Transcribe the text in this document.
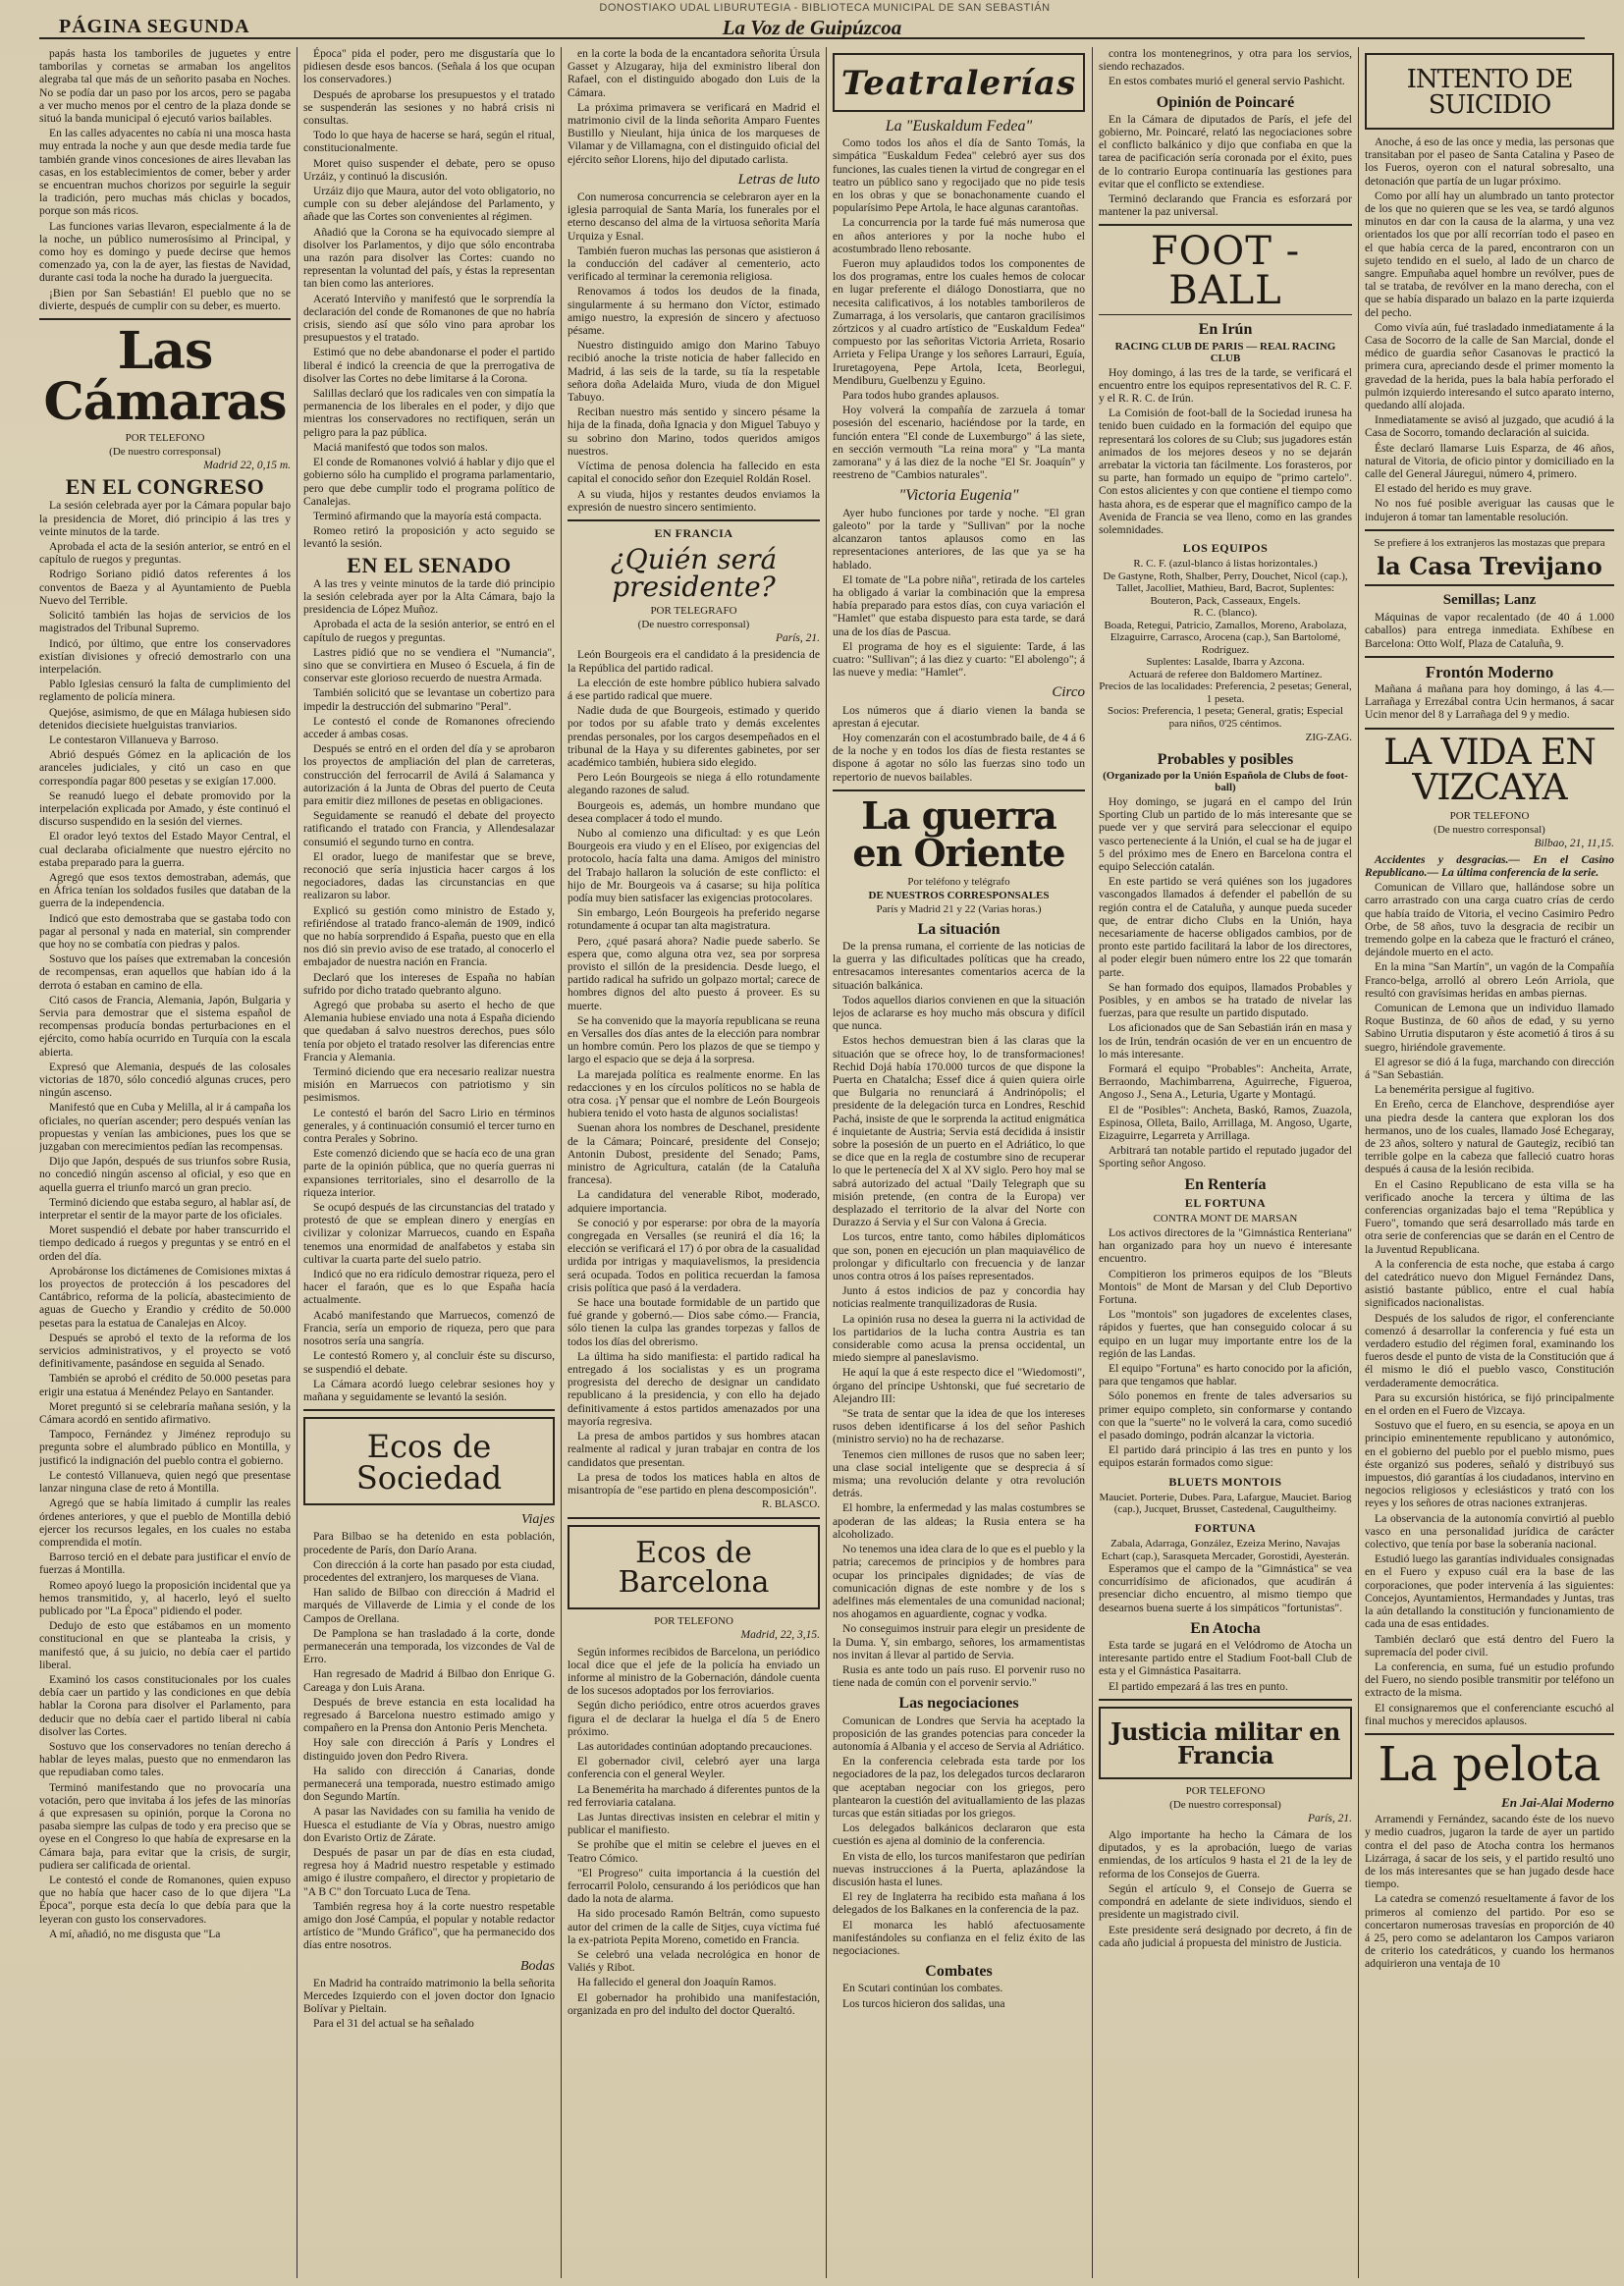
DONOSTIAKO UDAL LIBURUTEGIA - BIBLIOTECA MUNICIPAL DE SAN SEBASTIÁN
PÁGINA SEGUNDA	La Voz de Guipúzcoa

papás hasta los tamboriles de juguetes y entre tamborilas y cornetas se armaban los angelitos alegraba tal que más de un señorito pasaba en Noches. No se podía dar un paso por los arcos, pero se pagaba a ver mucho menos por el centro de la plaza donde se situó la banda municipal ó ejecutó varios bailables.

En las calles adyacentes no cabía ni una mosca hasta muy entrada la noche y aun que desde media tarde fue también grande vinos concesiones de aires llevaban las casas, en los establecimientos de comer, beber y arder se encuentran muchos chorizos por seguirle la seguir la tradición, pero muchas más chiclas y bocados, porque son más ricos.

Las funciones varias llevaron, especialmente á la de la noche, un público numerosísimo al Principal, y como hoy es domingo y puede decirse que hemos comenzado ya, con la de ayer, las fiestas de Navidad, durante casi toda la noche ha durado la juerguecita.

¡Bien por San Sebastián! El pueblo que no se divierte, después de cumplir con su deber, es muerto.

Las Cámaras
POR TELEFONO
(De nuestro corresponsal)
Madrid 22, 0,15 m.
EN EL CONGRESO

La sesión celebrada ayer por la Cámara popular bajo la presidencia de Moret, dió principio á las tres y veinte minutos de la tarde.

Aprobada el acta de la sesión anterior, se entró en el capítulo de ruegos y preguntas.

Rodrigo Soriano pidió datos referentes á los conventos de Baeza y al Ayuntamiento de Puebla Nuevo del Terrible.

Solicitó también las hojas de servicios de los magistrados del Tribunal Supremo.

Indicó, por último, que entre los conservadores existían divisiones y ofreció demostrarlo con una interpelación.

Pablo Iglesias censuró la falta de cumplimiento del reglamento de policía minera.

Quejóse, asimismo, de que en Málaga hubiesen sido detenidos diecisiete huelguistas tranviarios.

Le contestaron Villanueva y Barroso.

Abrió después Gómez en la aplicación de los aranceles judiciales, y citó un caso en que correspondía pagar 800 pesetas y se exigían 17.000.

Se reanudó luego el debate promovido por la interpelación explicada por Amado, y éste continuó el discurso suspendido en la sesión del viernes.

El orador leyó textos del Estado Mayor Central, el cual declaraba oficialmente que nuestro ejército no estaba preparado para la guerra.

Agregó que esos textos demostraban, además, que en África tenían los soldados fusiles que databan de la guerra de la independencia.

Indicó que esto demostraba que se gastaba todo con pagar al personal y nada en material, sin comprender que hoy no se combatía con piedras y palos.

Sostuvo que los países que extremaban la concesión de recompensas, eran aquellos que habían ido á la derrota ó estaban en camino de ella.

Citó casos de Francia, Alemania, Japón, Bulgaria y Servia para demostrar que el sistema español de recompensas producía bondas perturbaciones en el ejército, como había ocurrido en Turquía con la escala abierta.

Expresó que Alemania, después de las colosales victorias de 1870, sólo concedió algunas cruces, pero ningún ascenso.

Manifestó que en Cuba y Melilla, al ir á campaña los oficiales, no querían ascender; pero después venían las propuestas y venían las ambiciones, pues los que se juzgaban con merecimientos pedían las recompensas.

Dijo que Japón, después de sus triunfos sobre Rusia, no concedió ningún ascenso al oficial, y eso que en aquella guerra el triunfo marcó un gran precio.

Terminó diciendo que estaba seguro, al hablar así, de interpretar el sentir de la mayor parte de los oficiales.

Moret suspendió el debate por haber transcurrido el tiempo dedicado á ruegos y preguntas y se entró en el orden del día.

Aprobáronse los dictámenes de Comisiones mixtas á los proyectos de protección á los pescadores del Cantábrico, reforma de la policía, abastecimiento de aguas de Guecho y Erandio y crédito de 50.000 pesetas para la estatua de Canalejas en Alcoy.

Después se aprobó el texto de la reforma de los servicios administrativos, y el proyecto se votó definitivamente, pasándose en seguida al Senado.

También se aprobó el crédito de 50.000 pesetas para erigir una estatua á Menéndez Pelayo en Santander.

Moret preguntó si se celebraría mañana sesión, y la Cámara acordó en sentido afirmativo.

Tampoco, Fernández y Jiménez reprodujo su pregunta sobre el alumbrado público en Montilla, y justificó la indignación del pueblo contra el gobierno.

Le contestó Villanueva, quien negó que presentase lanzar ninguna clase de reto á Montilla.

Agregó que se había limitado á cumplir las reales órdenes anteriores, y que el pueblo de Montilla debió ejercer los recursos legales, en los cuales no estaba comprendida el motín.

Barroso terció en el debate para justificar el envío de fuerzas á Montilla.

Romeo apoyó luego la proposición incidental que ya hemos transmitido, y, al hacerlo, leyó el suelto publicado por "La Época" pidiendo el poder.

Dedujo de esto que estábamos en un momento constitucional en que se planteaba la crisis, y manifestó que, á su juicio, no debía caer el partido liberal.

Examinó los casos constitucionales por los cuales debía caer un partido y las condiciones en que debía hablar la Corona para disolver el Parlamento, para deducir que no debía caer el partido liberal ni cabía disolver las Cortes.

Sostuvo que los conservadores no tenían derecho á hablar de leyes malas, puesto que no enmendaron las que repudiaban como tales.

Terminó manifestando que no provocaría una votación, pero que invitaba á los jefes de las minorías á que expresasen su opinión, porque la Corona no pasaba siempre las culpas de todo y era preciso que se oyese en el Congreso lo que había de expresarse en la Cámara baja, para evitar que la crisis, de surgir, pudiera ser calificada de oriental.

Le contestó el conde de Romanones, quien expuso que no había que hacer caso de lo que dijera "La Época", porque esta decía lo que debía para que la leyeran con gusto los conservadores.

A mí, añadió, no me disgusta que "La

Época" pida el poder, pero me disgustaría que lo pidiesen desde esos bancos. (Señala á los que ocupan los conservadores.)

Después de aprobarse los presupuestos y el tratado se suspenderán las sesiones y no habrá crisis ni consultas.

Todo lo que haya de hacerse se hará, según el ritual, constitucionalmente.

Moret quiso suspender el debate, pero se opuso Urzáiz, y continuó la discusión.

Urzáiz dijo que Maura, autor del voto obligatorio, no cumple con su deber alejándose del Parlamento, y añade que las Cortes son convenientes al régimen.

Añadió que la Corona se ha equivocado siempre al disolver los Parlamentos, y dijo que sólo encontraba una razón para disolver las Cortes: cuando no representan la voluntad del país, y éstas la representan tan bien como las anteriores.

Acerató Interviño y manifestó que le sorprendía la declaración del conde de Romanones de que no habría crisis, siendo así que sólo vino para aprobar los presupuestos y el tratado.

Estimó que no debe abandonarse el poder el partido liberal é indicó la creencia de que la prerrogativa de disolver las Cortes no debe limitarse á la Corona.

Salillas declaró que los radicales ven con simpatía la permanencia de los liberales en el poder, y dijo que mientras los conservadores no rectifiquen, serán un peligro para la paz pública.

Maciá manifestó que todos son malos.

El conde de Romanones volvió á hablar y dijo que el gobierno sólo ha cumplido el programa parlamentario, pero que debe cumplir todo el programa político de Canalejas.

Terminó afirmando que la mayoría está compacta.

Romeo retiró la proposición y acto seguido se levantó la sesión.

EN EL SENADO

A las tres y veinte minutos de la tarde dió principio la sesión celebrada ayer por la Alta Cámara, bajo la presidencia de López Muñoz.

Aprobada el acta de la sesión anterior, se entró en el capítulo de ruegos y preguntas.

Lastres pidió que no se vendiera el "Numancia", sino que se convirtiera en Museo ó Escuela, á fin de conservar este glorioso recuerdo de nuestra Armada.

También solicitó que se levantase un cobertizo para impedir la destrucción del submarino "Peral".

Le contestó el conde de Romanones ofreciendo acceder á ambas cosas.

Después se entró en el orden del día y se aprobaron los proyectos de ampliación del plan de carreteras, construcción del ferrocarril de Avilá á Salamanca y autorización á la Junta de Obras del puerto de Ceuta para emitir diez millones de pesetas en obligaciones.

Seguidamente se reanudó el debate del proyecto ratificando el tratado con Francia, y Allendesalazar consumió el segundo turno en contra.

El orador, luego de manifestar que se breve, reconoció que sería injusticia hacer cargos á los negociadores, dadas las circunstancias en que realizaron su labor.

Explicó su gestión como ministro de Estado y, refiriéndose al tratado franco-alemán de 1909, indicó que no había sorprendido á España, puesto que en ella nos dió sin previo aviso de ese tratado, al conocerlo el embajador de nuestra nación en Francia.

Declaró que los intereses de España no habían sufrido por dicho tratado quebranto alguno.

Agregó que probaba su aserto el hecho de que Alemania hubiese enviado una nota á España diciendo que quedaban á salvo nuestros derechos, pues sólo tenía por objeto el tratado resolver las diferencias entre Francia y Alemania.

Terminó diciendo que era necesario realizar nuestra misión en Marruecos con patriotismo y sin pesimismos.

Le contestó el barón del Sacro Lirio en términos generales, y á continuación consumió el tercer turno en contra Perales y Sobrino.

Este comenzó diciendo que se hacía eco de una gran parte de la opinión pública, que no quería guerras ni expansiones territoriales, sino el desarrollo de la riqueza interior.

Se ocupó después de las circunstancias del tratado y protestó de que se emplean dinero y energías en civilizar y colonizar Marruecos, cuando en España tenemos una enormidad de analfabetos y estaba sin cultivar la cuarta parte del suelo patrio.

Indicó que no era ridículo demostrar riqueza, pero el hacer el faraón, que es lo que España hacía actualmente.

Acabó manifestando que Marruecos, comenzó de Francia, sería un emporio de riqueza, pero que para nosotros sería una sangría.

Le contestó Romero y, al concluir éste su discurso, se suspendió el debate.

La Cámara acordó luego celebrar sesiones hoy y mañana y seguidamente se levantó la sesión.

Ecos de Sociedad
Viajes

Para Bilbao se ha detenido en esta población, procedente de París, don Darío Arana.

Con dirección á la corte han pasado por esta ciudad, procedentes del extranjero, los marqueses de Viana.

Han salido de Bilbao con dirección á Madrid el marqués de Villaverde de Limia y el conde de los Campos de Orellana.

De Pamplona se han trasladado á la corte, donde permanecerán una temporada, los vizcondes de Val de Erro.

Han regresado de Madrid á Bilbao don Enrique G. Careaga y don Luis Arana.

Después de breve estancia en esta localidad ha regresado á Barcelona nuestro estimado amigo y compañero en la Prensa don Antonio Peris Mencheta.

Hoy sale con dirección á París y Londres el distinguido joven don Pedro Rivera.

Ha salido con dirección á Canarias, donde permanecerá una temporada, nuestro estimado amigo don Segundo Martín.

A pasar las Navidades con su familia ha venido de Huesca el estudiante de Vía y Obras, nuestro amigo don Evaristo Ortiz de Zárate.

Después de pasar un par de días en esta ciudad, regresa hoy á Madrid nuestro respetable y estimado amigo é ilustre compañero, el director y propietario de "A B C" don Torcuato Luca de Tena.

También regresa hoy á la corte nuestro respetable amigo don José Campúa, el popular y notable redactor artístico de "Mundo Gráfico", que ha permanecido dos días entre nosotros.

Bodas

En Madrid ha contraído matrimonio la bella señorita Mercedes Izquierdo con el joven doctor don Ignacio Bolívar y Pieltain.

Para el 31 del actual se ha señalado

en la corte la boda de la encantadora señorita Úrsula Gasset y Alzugaray, hija del exministro liberal don Rafael, con el distinguido abogado don Luis de la Cámara.

La próxima primavera se verificará en Madrid el matrimonio civil de la linda señorita Amparo Fuentes Bustillo y Nieulant, hija única de los marqueses de Vilamar y de Villamagna, con el distinguido oficial del ejército señor Llorens, hijo del diputado carlista.

Letras de luto

Con numerosa concurrencia se celebraron ayer en la iglesia parroquial de Santa María, los funerales por el eterno descanso del alma de la virtuosa señorita María Urquiza y Esnal.

También fueron muchas las personas que asistieron á la conducción del cadáver al cementerio, acto verificado al terminar la ceremonia religiosa.

Renovamos á todos los deudos de la finada, singularmente á su hermano don Víctor, estimado amigo nuestro, la expresión de sincero y afectuoso pésame.

Nuestro distinguido amigo don Marino Tabuyo recibió anoche la triste noticia de haber fallecido en Madrid, á las seis de la tarde, su tía la respetable señora doña Adelaida Muro, viuda de don Miguel Tabuyo.

Reciban nuestro más sentido y sincero pésame la hija de la finada, doña Ignacia y don Miguel Tabuyo y su sobrino don Marino, todos queridos amigos nuestros.

Víctima de penosa dolencia ha fallecido en esta capital el conocido señor don Ezequiel Roldán Rosel.

A su viuda, hijos y restantes deudos enviamos la expresión de nuestro sincero sentimiento.

EN FRANCIA
¿Quién será presidente?
POR TELEGRAFO
(De nuestro corresponsal)
París, 21.

León Bourgeois era el candidato á la presidencia de la República del partido radical.

La elección de este hombre público hubiera salvado á ese partido radical que muere.

Nadie duda de que Bourgeois, estimado y querido por todos por su afable trato y demás excelentes prendas personales, por los cargos desempeñados en el tribunal de la Haya y su diferentes gabinetes, por ser académico también, hubiera sido elegido.

Pero León Bourgeois se niega á ello rotundamente alegando razones de salud.

Bourgeois es, además, un hombre mundano que desea complacer á todo el mundo.

Nubo al comienzo una dificultad: y es que León Bourgeois era viudo y en el Elíseo, por exigencias del protocolo, hacía falta una dama. Amigos del ministro del Trabajo hallaron la solución de este conflicto: el hijo de Mr. Bourgeois va á casarse; su hija política podía muy bien satisfacer las exigencias protocolares.

Sin embargo, León Bourgeois ha preferido negarse rotundamente á ocupar tan alta magistratura.

Pero, ¿qué pasará ahora? Nadie puede saberlo. Se espera que, como alguna otra vez, sea por sorpresa provisto el sillón de la presidencia. Desde luego, el partido radical ha sufrido un golpazo mortal; carece de hombres dignos del alto puesto á proveer. Es su muerte.

Se ha convenido que la mayoría republicana se reuna en Versalles dos días antes de la elección para nombrar un hombre común. Pero los plazos de que se tiempo y largo el espacio que se deja á la sorpresa.

La marejada política es realmente enorme. En las redacciones y en los círculos políticos no se habla de otra cosa. ¡Y pensar que el nombre de León Bourgeois hubiera tenido el voto hasta de algunos socialistas!

Suenan ahora los nombres de Deschanel, presidente de la Cámara; Poincaré, presidente del Consejo; Antonin Dubost, presidente del Senado; Pams, ministro de Agricultura, catalán (de la Cataluña francesa).

La candidatura del venerable Ribot, moderado, adquiere importancia.

Se conoció y por esperarse: por obra de la mayoría congregada en Versalles (se reunirá el día 16; la elección se verificará el 17) ó por obra de la casualidad urdida por intrigas y maquiavelismos, la presidencia será ocupada. Todos en politica recuerdan la famosa crisis política que pasó á la verdadera.

Se hace una boutade formidable de un partido que fué grande y gobernó.— Dios sabe cómo.— Francia, sólo tienen la culpa las grandes torpezas y fallos de todos los días del obrerismo.

La última ha sido manifiesta: el partido radical ha entregado á los socialistas y es un programa progresista del derecho de designar un candidato republicano á la presidencia, y con ello ha dejado definitivamente á estos partidos amenazados por una mayoría regresiva.

La presa de ambos partidos y sus hombres atacan realmente al radical y juran trabajar en contra de los candidatos que presentan.

La presa de todos los matices habla en altos de misantropía de "ese partido en plena descomposición".

R. BLASCO.
Ecos de Barcelona
POR TELEFONO
Madrid, 22, 3,15.

Según informes recibidos de Barcelona, un periódico local dice que el jefe de la policía ha enviado un informe al ministro de la Gobernación, dándole cuenta de los sucesos adoptados por los ferroviarios.

Según dicho periódico, entre otros acuerdos graves figura el de declarar la huelga el día 5 de Enero próximo.

Las autoridades continúan adoptando precauciones.

El gobernador civil, celebró ayer una larga conferencia con el general Weyler.

La Benemérita ha marchado á diferentes puntos de la red ferroviaria catalana.

Las Juntas directivas insisten en celebrar el mitin y publicar el manifiesto.

Se prohíbe que el mitin se celebre el jueves en el Teatro Cómico.

"El Progreso" cuita importancia á la cuestión del ferrocarril Pololo, censurando á los periódicos que han dado la nota de alarma.

Ha sido procesado Ramón Beltrán, como supuesto autor del crimen de la calle de Sitjes, cuya víctima fué la ex-patriota Pepita Moreno, cometido en Francia.

Se celebró una velada necrológica en honor de Valiés y Ribot.

Ha fallecido el general don Joaquín Ramos.

El gobernador ha prohibido una manifestación, organizada en pro del indulto del doctor Queraltó.

Teatralerías
La "Euskaldum Fedea"

Como todos los años el día de Santo Tomás, la simpática "Euskaldum Fedea" celebró ayer sus dos funciones, las cuales tienen la virtud de congregar en el teatro un público sano y regocijado que no pide tesis en los obras y que se bonachonamente cuando el popularísimo Pepe Artola, le hace algunas carantoñas.

La concurrencia por la tarde fué más numerosa que en años anteriores y por la noche hubo el acostumbrado lleno rebosante.

Fueron muy aplaudidos todos los componentes de los dos programas, entre los cuales hemos de colocar en lugar preferente el diálogo Donostiarra, que no necesita calificativos, á los notables tamborileros de Zumarraga, á los versolaris, que cantaron gracilísimos zórtzicos y al cuadro artístico de "Euskaldum Fedea" compuesto por las señoritas Victoria Arrieta, Rosario Arrieta y Felipa Urange y los señores Larrauri, Eguía, Iruretagoyena, Pepe Artola, Iceta, Beorlegui, Mendiburu, Guelbenzu y Eguino.

Para todos hubo grandes aplausos.

Hoy volverá la compañía de zarzuela á tomar posesión del escenario, haciéndose por la tarde, en función entera "El conde de Luxemburgo" á las siete, en sección vermouth "La reina mora" y "La manta zamorana" y á las diez de la noche "El Sr. Joaquín" y reestreno de "Cambios naturales".

"Victoria Eugenia"

Ayer hubo funciones por tarde y noche. "El gran galeoto" por la tarde y "Sullivan" por la noche alcanzaron tantos aplausos como en las representaciones anteriores, de las que ya se ha hablado.

El tomate de "La pobre niña", retirada de los carteles ha obligado á variar la combinación que la empresa había preparado para estos días, con cuya variación el "Hamlet" que estaba dispuesto para esta tarde, se dará una de los días de Pascua.

El programa de hoy es el siguiente: Tarde, á las cuatro: "Sullivan"; á las diez y cuarto: "El abolengo"; á las nueve y media: "Hamlet".

Circo

Los números que á diario vienen la banda se aprestan á ejecutar.

Hoy comenzarán con el acostumbrado baile, de 4 á 6 de la noche y en todos los días de fiesta restantes se dispone á agotar no sólo las fuerzas sino todo un repertorio de nuevos bailables.

La guerra en Oriente
Por teléfono y telégrafo
DE NUESTROS CORRESPONSALES
París y Madrid 21 y 22 (Varias horas.)
La situación

De la prensa rumana, el corriente de las noticias de la guerra y las dificultades políticas que ha creado, entresacamos interesantes comentarios acerca de la situación balkánica.

Todos aquellos diarios convienen en que la situación lejos de aclararse es hoy mucho más obscura y difícil que nunca.

Estos hechos demuestran bien á las claras que la situación que se ofrece hoy, lo de transformaciones! Rechid Dojá había 170.000 turcos de que dispone la Puerta en Chatalcha; Essef dice á quien quiera oirle que Bulgaria no renunciará á Andrinópolis; el presidente de la delegación turca en Londres, Reschid Pachá, insiste de que le sorprenda la actitud enigmática é inquietante de Austria; Servia está decidida á insistir sobre la posesión de un puerto en el Adriático, lo que se dice que en la regla de costumbre sino de recuperar lo que le pertenecía del X al XV siglo. Pero hoy mal se sabrá autorizado del actual "Daily Telegraph que su misión pretende, (en contra de la Europa) ver desplazado el territorio de la alvar del Norte con Durazzo á Servia y el Sur con Valona á Grecia.

Los turcos, entre tanto, como hábiles diplomáticos que son, ponen en ejecución un plan maquiavélico de prolongar y dificultarlo con frecuencia y de lanzar unos contra otros á los países representados.

Junto á estos indicios de paz y concordia hay noticias realmente tranquilizadoras de Rusia.

La opinión rusa no desea la guerra ni la actividad de los partidarios de la lucha contra Austria es tan considerable como acusa la prensa occidental, un miedo siempre al paneslavismo.

He aquí la que á este respecto dice el "Wiedomosti", órgano del príncipe Ushtonski, que fué secretario de Alejandro III:

"Se trata de sentar que la idea de que los intereses rusos deben identificarse á los del señor Pashich (ministro servio) no ha de rechazarse.

Tenemos cien millones de rusos que no saben leer; una clase social inteligente que se desprecia á sí misma; una revolución delante y otra revolución detrás.

El hombre, la enfermedad y las malas costumbres se apoderan de las aldeas; la Rusia entera se ha alcoholizado.

No tenemos una idea clara de lo que es el pueblo y la patria; carecemos de principios y de hombres para ocupar los principales dignidades; de vías de comunicación dignas de este nombre y de los s adelfines más elementales de una comunidad nacional; nos ahogamos en aguardiente, cognac y vodka.

No conseguimos instruir para elegir un presidente de la Duma. Y, sin embargo, señores, los armamentistas nos invitan á llevar al partido de Servia.

Rusia es ante todo un país ruso. El porvenir ruso no tiene nada de común con el porvenir servio."

Las negociaciones

Comunican de Londres que Servia ha aceptado la proposición de las grandes potencias para conceder la autonomía á Albania y el acceso de Servia al Adriático.

En la conferencia celebrada esta tarde por los negociadores de la paz, los delegados turcos declararon que aceptaban negociar con los griegos, pero plantearon la cuestión del avituallamiento de las plazas turcas que están sitiadas por los griegos.

Los delegados balkánicos declararon que esta cuestión es ajena al dominio de la conferencia.

En vista de ello, los turcos manifestaron que pedirían nuevas instrucciones á la Puerta, aplazándose la discusión hasta el lunes.

El rey de Inglaterra ha recibido esta mañana á los delegados de los Balkanes en la conferencia de la paz.

El monarca les habló afectuosamente manifestándoles su confianza en el feliz éxito de las negociaciones.

Combates

En Scutari continúan los combates.

Los turcos hicieron dos salidas, una

contra los montenegrinos, y otra para los servios, siendo rechazados.

En estos combates murió el general servio Pashicht.

Opinión de Poincaré

En la Cámara de diputados de París, el jefe del gobierno, Mr. Poincaré, relató las negociaciones sobre el conflicto balkánico y dijo que confiaba en que la tarea de pacificación sería coronada por el éxito, pues de lo contrario Europa continuaría las gestiones para evitar que el conflicto se extendiese.

Terminó declarando que Francia es esforzará por mantener la paz universal.

FOOT - BALL
En Irún
RACING CLUB DE PARIS — REAL RACING CLUB

Hoy domingo, á las tres de la tarde, se verificará el encuentro entre los equipos representativos del R. C. F. y el R. R. C. de Irún.

La Comisión de foot-ball de la Sociedad irunesa ha tenido buen cuidado en la formación del equipo que representará los colores de su Club; sus jugadores están animados de los mejores deseos y no se dejarán arrebatar la victoria tan fácilmente. Los forasteros, por su parte, han formado un equipo de "primo cartelo". Con estos alicientes y con que contiene el tiempo como hasta ahora, es de esperar que el magnífico campo de la Avenida de Francia se vea lleno, como en las grandes solemnidades.

LOS EQUIPOS
R. C. F. (azul-blanco á listas horizontales.)
De Gastyne, Roth, Shalber, Perry, Douchet, Nicol (cap.), Tallet, Jacolliet, Mathieu, Bard, Bacrot, Suplentes: Bouteron, Pack, Casseaux, Engels.
R. C. (blanco).
Boada, Retegui, Patricio, Zamallos, Moreno, Arabolaza, Elzaguirre, Carrasco, Arocena (cap.), San Bartolomé, Rodríguez.
Suplentes: Lasalde, Ibarra y Azcona.
Actuará de referee don Baldomero Martínez.
Precios de las localidades: Preferencia, 2 pesetas; General, 1 peseta.
Socios: Preferencia, 1 peseta; General, gratis; Especial para niños, 0'25 céntimos.
ZIG-ZAG.
Probables y posibles
(Organizado por la Unión Española de Clubs de foot-ball)

Hoy domingo, se jugará en el campo del Irún Sporting Club un partido de lo más interesante que se puede ver y que servirá para seleccionar el equipo vasco perteneciente á la Unión, el cual se ha de jugar el 5 del próximo mes de Enero en Barcelona contra el equipo Selección catalán.

En este partido se verá quiénes son los jugadores vascongados llamados á defender el pabellón de su región contra el de Cataluña, y aunque pueda suceder que, de entrar dicho Clubs en la Unión, haya necesariamente de hacerse obligados cambios, por de pronto este partido facilitará la labor de los directores, al poder elegir buen número entre los 22 que tomarán parte.

Se han formado dos equipos, llamados Probables y Posibles, y en ambos se ha tratado de nivelar las fuerzas, para que resulte un partido disputado.

Los aficionados que de San Sebastián irán en masa y los de Irún, tendrán ocasión de ver en un encuentro de lo más interesante.

Formará el equipo "Probables": Ancheita, Arrate, Berraondo, Machimbarrena, Aguirreche, Figueroa, Angoso J., Sena A., Leturia, Ugarte y Montagú.

El de "Posibles": Ancheta, Baskó, Ramos, Zuazola, Espinosa, Olleta, Bailo, Arrillaga, M. Angoso, Ugarte, Eizaguirre, Legarreta y Arrillaga.

Arbitrará tan notable partido el reputado jugador del Sporting señor Angoso.

En Rentería
EL FORTUNA
CONTRA MONT DE MARSAN

Los activos directores de la "Gimnástica Renteriana" han organizado para hoy un nuevo é interesante encuentro.

Compitieron los primeros equipos de los "Bleuts Montois" de Mont de Marsan y del Club Deportivo Fortuna.

Los "montois" son jugadores de excelentes clases, rápidos y fuertes, que han conseguido colocar á su equipo en un lugar muy importante entre los de la región de las Landas.

El equipo "Fortuna" es harto conocido por la afición, para que tengamos que hablar.

Sólo ponemos en frente de tales adversarios su primer equipo completo, sin conformarse y contando con que la "suerte" no le volverá la cara, como sucedió el pasado domingo, podrán alcanzar la victoria.

El partido dará principio á las tres en punto y los equipos estarán formados como sigue:

BLUETS MONTOIS
Mauciet. Porterie, Dubes. Para, Lafargue, Mauciet. Bariog (cap.), Jucquet, Brusset, Castedenal, Caugultheimy.
FORTUNA
Zabala, Adarraga, González, Ezeiza Merino, Navajas Echart (cap.), Sarasqueta Mercader, Gorostidi, Ayesterán.

Esperamos que el campo de la "Gimnástica" se vea concurridísimo de aficionados, que acudirán á presenciar dicho encuentro, al mismo tiempo que desearnos buena suerte á los simpáticos "fortunistas".

En Atocha

Esta tarde se jugará en el Velódromo de Atocha un interesante partido entre el Stadium Foot-ball Club de esta y el Gimnástica Pasaitarra.

El partido empezará á las tres en punto.

Justicia militar en Francia
POR TELEFONO
(De nuestro corresponsal)
París, 21.

Algo importante ha hecho la Cámara de los diputados, y es la aprobación, luego de varias enmiendas, de los artículos 9 hasta el 21 de la ley de reforma de los Consejos de Guerra.

Según el artículo 9, el Consejo de Guerra se compondrá en adelante de siete individuos, siendo el presidente un magistrado civil.

Este presidente será designado por decreto, á fin de cada año judicial á propuesta del ministro de Justicia.

INTENTO DE SUICIDIO

Anoche, á eso de las once y media, las personas que transitaban por el paseo de Santa Catalina y Paseo de los Fueros, oyeron con el natural sobresalto, una detonación que partía de un lugar próximo.

Como por allí hay un alumbrado un tanto protector de los que no quieren que se les vea, se tardó algunos minutos en dar con la causa de la alarma, y una vez orientados los que por allí recorrían todo el paseo en el que había cerca de la pared, encontraron con un sujeto tendido en el suelo, al lado de un charco de sangre. Empuñaba aquel hombre un revólver, pues de tal se trataba, de revólver en la mano derecha, con el que se había disparado un balazo en la parte izquierda del pecho.

Como vivía aún, fué trasladado inmediatamente á la Casa de Socorro de la calle de San Marcial, donde el médico de guardia señor Casanovas le practicó la primera cura, apreciando desde el primer momento la gravedad de la herida, pues la bala había perforado el pulmón izquierdo interesando el sutco aparato interno, quedando allí alojada.

Inmediatamente se avisó al juzgado, que acudió á la Casa de Socorro, tomando declaración al suicida.

Éste declaró llamarse Luis Esparza, de 46 años, natural de Vitoria, de oficio pintor y domiciliado en la calle del General Jáuregui, número 4, primero.

El estado del herido es muy grave.

No nos fué posible averiguar las causas que le indujeron á tomar tan lamentable resolución.

Se prefiere á los extranjeros las mostazas que prepara
la Casa Trevijano
Semillas; Lanz

Máquinas de vapor recalentado (de 40 á 1.000 caballos) para entrega inmediata. Exhíbese en Barcelona: Otto Wolf, Plaza de Cataluña, 9.

Frontón Moderno

Mañana á mañana para hoy domingo, á las 4.—Larrañaga y Errezábal contra Ucin hermanos, á sacar Ucin menor del 8 y Larrañaga del 9 y medio.

LA VIDA EN VIZCAYA
POR TELEFONO
(De nuestro corresponsal)
Bilbao, 21, 11,15.

Accidentes y desgracias.— En el Casino Republicano.— La última conferencia de la serie.

Comunican de Villaro que, hallándose sobre un carro arrastrado con una carga cuatro crías de cerdo que había traído de Vitoria, el vecino Casimiro Pedro Orbe, de 58 años, tuvo la desgracia de recibir un tremendo golpe en la cabeza que le fracturó el cráneo, dejándole muerto en el acto.

En la mina "San Martín", un vagón de la Compañía Franco-belga, arrolló al obrero León Arriola, que resultó con gravísimas heridas en ambas piernas.

Comunican de Lemona que un individuo llamado Roque Bustinza, de 60 años de edad, y su yerno Sabino Urrutia disputaron y éste acometió á tiros á su suegro, hiriéndole gravemente.

El agresor se dió á la fuga, marchando con dirección á "San Sebastián.

La benemérita persigue al fugitivo.

En Ereño, cerca de Elanchove, desprendióse ayer una piedra desde la cantera que exploran los dos hermanos, uno de los cuales, llamado José Echegaray, de 23 años, soltero y natural de Gautegiz, recibió tan terrible golpe en la cabeza que falleció cuatro horas después á causa de la lesión recibida.

En el Casino Republicano de esta villa se ha verificado anoche la tercera y última de las conferencias organizadas bajo el tema "República y Fuero", tomando que será desarrollado más tarde en otra serie de conferencias que se darán en el Centro de la Juventud Republicana.

A la conferencia de esta noche, que estaba á cargo del catedrático nuevo don Miguel Fernández Dans, asistió bastante público, entre el cual había significados nacionalistas.

Después de los saludos de rigor, el conferenciante comenzó á desarrollar la conferencia y fué esta un verdadero estudio del régimen foral, examinando los fueros desde el punto de vista de la Constitución que á él mismo le dió el pueblo vasco, Constitución verdaderamente democrática.

Para su excursión histórica, se fijó principalmente en el orden en el Fuero de Vizcaya.

Sostuvo que el fuero, en su esencia, se apoya en un principio eminentemente republicano y autonómico, en el gobierno del pueblo por el pueblo mismo, pues éste organizó sus poderes, señaló y distribuyó sus impuestos, dió garantías á los ciudadanos, intervino en negocios religiosos y eclesiásticos y trató con los reyes y los señores de otras naciones extranjeras.

La observancia de la autonomía convirtió al pueblo vasco en una personalidad jurídica de carácter colectivo, que tenía por base la soberanía nacional.

Estudió luego las garantías individuales consignadas en el Fuero y expuso cuál era la base de las corporaciones, que poder intervenía á las siguientes: Concejos, Ayuntamientos, Hermandades y Juntas, tras la aún detallando la constitución y funcionamiento de cada una de esas entidades.

También declaró que está dentro del Fuero la supremacía del poder civil.

La conferencia, en suma, fué un estudio profundo del Fuero, no siendo posible transmitir por teléfono un extracto de la misma.

El consignaremos que el conferenciante escuchó al final muchos y merecidos aplausos.

La pelota
En Jai-Alai Moderno

Arramendi y Fernández, sacando éste de los nuevo y medio cuadros, jugaron la tarde de ayer un partido contra el del paso de Atocha contra los hermanos Lizárraga, á sacar de los seis, y el partido resultó uno de los más interesantes que se han jugado desde hace tiempo.

La catedra se comenzó resueltamente á favor de los primeros al comienzo del partido. Por eso se concertaron numerosas travesías en proporción de 40 á 25, pero como se adelantaron los Campos variaron de criterio los catedráticos, y cuando los hermanos adquirieron una ventaja de 10
